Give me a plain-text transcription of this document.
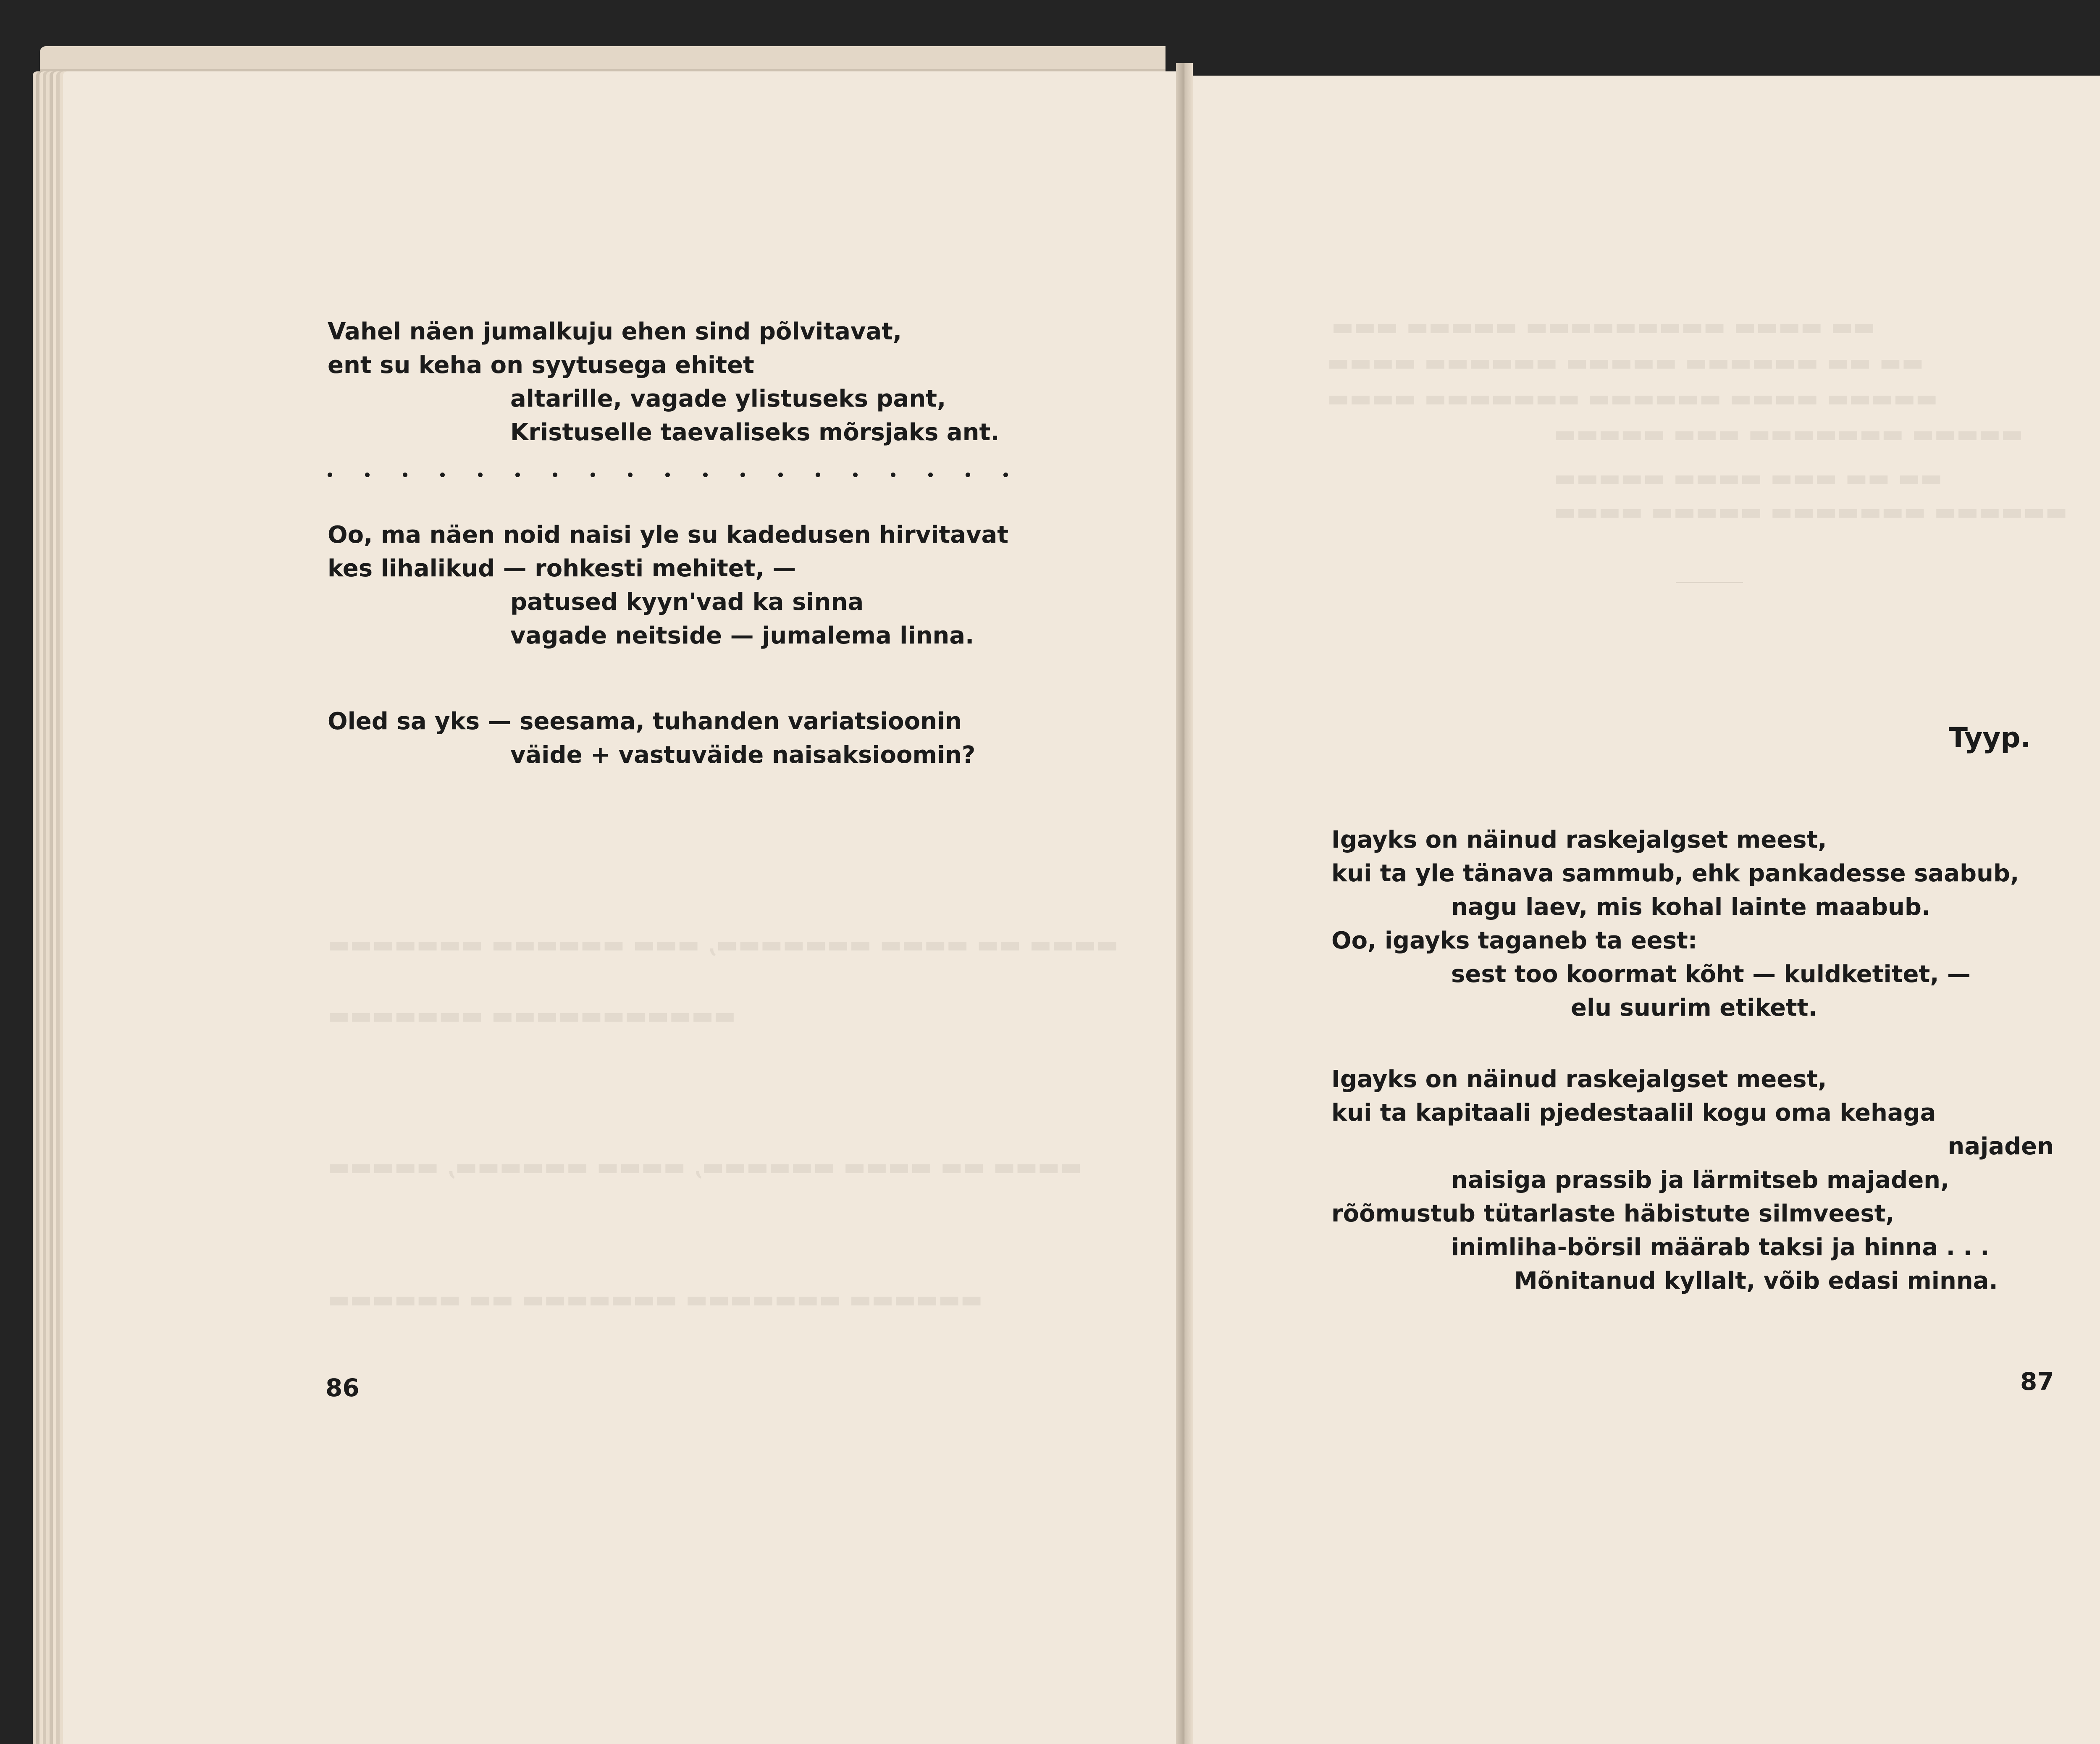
▬▬ ▬▬▬▬ ▬▬▬▬▬▬▬▬▬ ▬▬▬▬▬ ▬▬▬
▬▬ ▬▬ ▬▬▬▬▬▬ ▬▬▬▬▬ ▬▬▬▬▬▬ ▬▬▬▬
▬▬▬▬▬ ▬▬▬▬ ▬▬▬▬▬▬ ▬▬▬▬▬▬▬ ▬▬▬▬
▬▬▬▬▬ ▬▬▬▬▬▬▬ ▬▬▬ ▬▬▬▬▬
▬▬ ▬▬ ▬▬▬ ▬▬▬▬ ▬▬▬▬▬
▬▬▬▬▬▬ ▬▬▬▬▬▬▬ ▬▬▬▬▬ ▬▬▬▬
▬▬▬▬ ▬▬ ▬▬▬▬ ▬▬▬▬▬▬▬, ▬▬▬ ▬▬▬▬▬▬ ▬▬▬▬▬▬▬
▬▬▬▬▬▬▬▬▬▬▬ ▬▬▬▬▬▬▬
▬▬▬▬ ▬▬ ▬▬▬▬ ▬▬▬▬▬▬, ▬▬▬▬ ▬▬▬▬▬▬, ▬▬▬▬▬
▬▬▬▬▬▬ ▬▬▬▬▬▬▬ ▬▬▬▬▬▬▬ ▬▬ ▬▬▬▬▬▬
Vahel näen jumalkuju ehen sind põlvitavat,
ent su keha on syytusega ehitet
altarille, vagade ylistuseks pant,
Kristuselle taevaliseks mõrsjaks ant.
Oo, ma näen noid naisi yle su kadedusen hirvitavat
kes lihalikud — rohkesti mehitet, —
patused kyyn'vad ka sinna
vagade neitside — jumalema linna.
Oled sa yks — seesama, tuhanden variatsioonin
väide + vastuväide naisaksioomin?
86
Tyyp.
Igayks on näinud raskejalgset meest,
kui ta yle tänava sammub, ehk pankadesse saabub,
nagu laev, mis kohal lainte maabub.
Oo, igayks taganeb ta eest:
sest too koormat kõht — kuldketitet, —
elu suurim etikett.
Igayks on näinud raskejalgset meest,
kui ta kapitaali pjedestaalil kogu oma kehaga
najaden
naisiga prassib ja lärmitseb majaden,
rõõmustub tütarlaste häbistute silmveest,
inimliha-börsil määrab taksi ja hinna . . .
Mõnitanud kyllalt, võib edasi minna.
87
